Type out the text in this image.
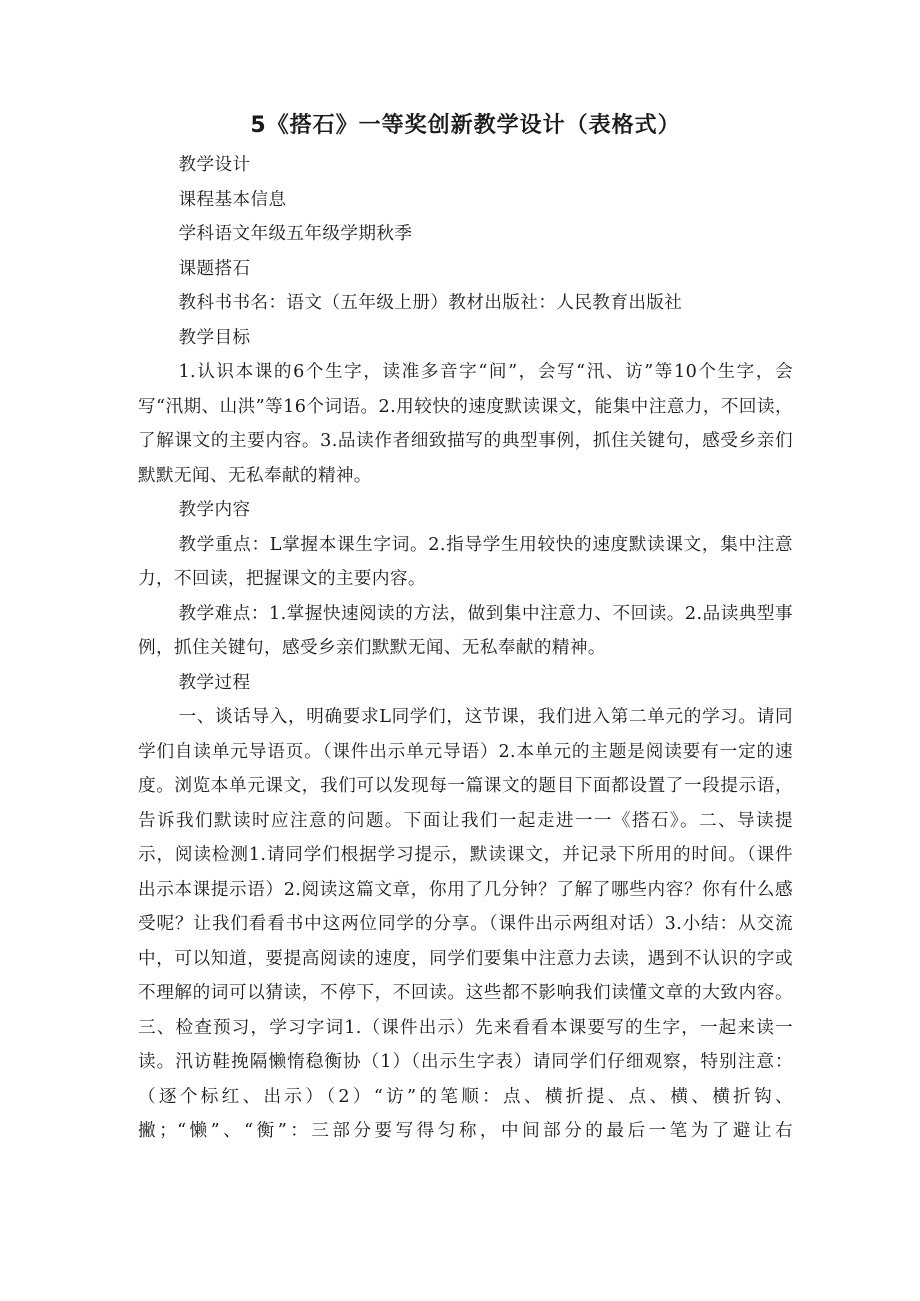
5《搭石》一等奖创新教学设计（表格式）

教学设计

课程基本信息

学科语文年级五年级学期秋季

课题搭石

教科书书名：语文（五年级上册）教材出版社：人民教育出版社

教学目标

1.认识本课的6个生字，读准多音字“间”，会写“汛、访”等10个生字，会写“汛期、山洪”等16个词语。2.用较快的速度默读课文，能集中注意力，不回读，了解课文的主要内容。3.品读作者细致描写的典型事例，抓住关键句，感受乡亲们默默无闻、无私奉献的精神。

教学内容

教学重点：L掌握本课生字词。2.指导学生用较快的速度默读课文，集中注意力，不回读，把握课文的主要内容。

教学难点：1.掌握快速阅读的方法，做到集中注意力、不回读。2.品读典型事例，抓住关键句，感受乡亲们默默无闻、无私奉献的精神。

教学过程

一、谈话导入，明确要求L同学们，这节课，我们进入第二单元的学习。请同学们自读单元导语页。（课件出示单元导语）2.本单元的主题是阅读要有一定的速度。浏览本单元课文，我们可以发现每一篇课文的题目下面都设置了一段提示语，告诉我们默读时应注意的问题。下面让我们一起走进一一《搭石》。二、导读提示，阅读检测1.请同学们根据学习提示，默读课文，并记录下所用的时间。（课件出示本课提示语）2.阅读这篇文章，你用了几分钟？了解了哪些内容？你有什么感受呢？让我们看看书中这两位同学的分享。（课件出示两组对话）3.小结：从交流中，可以知道，要提高阅读的速度，同学们要集中注意力去读，遇到不认识的字或不理解的词可以猜读，不停下，不回读。这些都不影响我们读懂文章的大致内容。三、检查预习，学习字词1.（课件出示）先来看看本课要写的生字，一起来读一读。汛访鞋挽隔懒惰稳衡协（1）（出示生字表）请同学们仔细观察，特别注意：（逐个标红、出示）（2）“访”的笔顺：点、横折提、点、横、横折钩、撇；“懒”、“衡”：三部分要写得匀称，中间部分的最后一笔为了避让右
